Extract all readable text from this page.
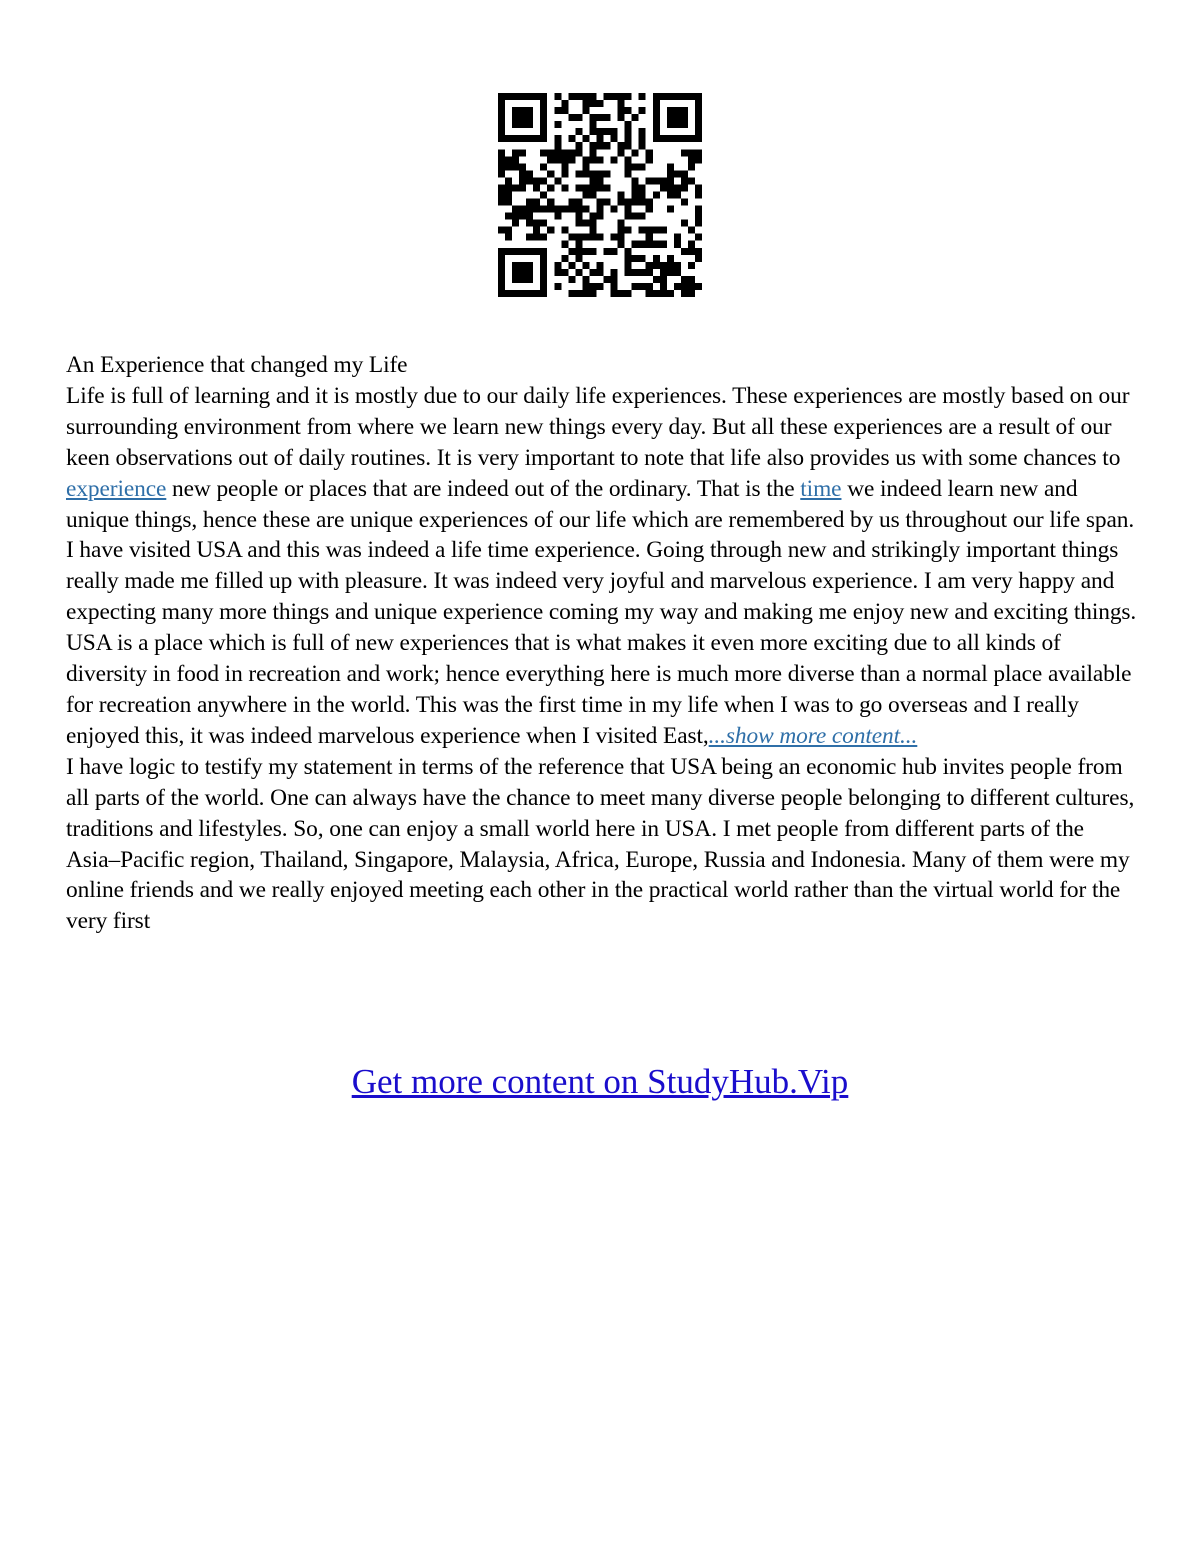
An Experience that changed my Life

Life is full of learning and it is mostly due to our daily life experiences. These experiences are mostly based on our surrounding environment from where we learn new things every day. But all these experiences are a result of our keen observations out of daily routines. It is very important to note that life also provides us with some chances to experience new people or places that are indeed out of the ordinary. That is the time we indeed learn new and unique things, hence these are unique experiences of our life which are remembered by us throughout our life span. I have visited USA and this was indeed a life time experience. Going through new and strikingly important things really made me filled up with pleasure. It was indeed very joyful and marvelous experience. I am very happy and expecting many more things and unique experience coming my way and making me enjoy new and exciting things.

USA is a place which is full of new experiences that is what makes it even more exciting due to all kinds of diversity in food in recreation and work; hence everything here is much more diverse than a normal place available for recreation anywhere in the world. This was the first time in my life when I was to go overseas and I really enjoyed this, it was indeed marvelous experience when I visited East,...show more content...

I have logic to testify my statement in terms of the reference that USA being an economic hub invites people from all parts of the world. One can always have the chance to meet many diverse people belonging to different cultures, traditions and lifestyles. So, one can enjoy a small world here in USA. I met people from different parts of the Asia–Pacific region, Thailand, Singapore, Malaysia, Africa, Europe, Russia and Indonesia. Many of them were my online friends and we really enjoyed meeting each other in the practical world rather than the virtual world for the very first

Get more content on StudyHub.Vip
